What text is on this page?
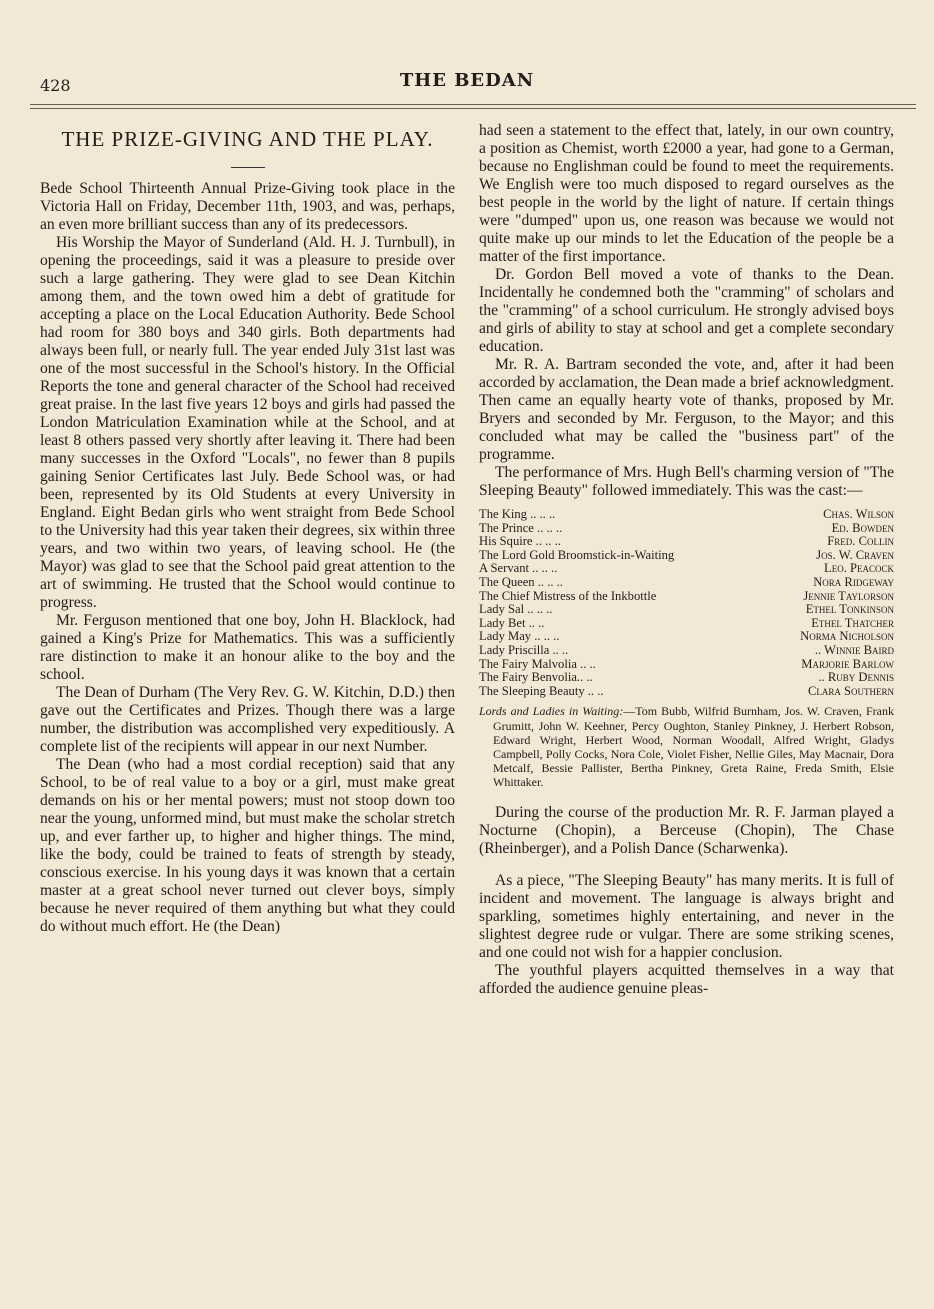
428	THE BEDAN
THE PRIZE-GIVING AND THE PLAY.

Bede School Thirteenth Annual Prize-Giving took place in the Victoria Hall on Friday, December 11th, 1903, and was, perhaps, an even more brilliant success than any of its predecessors.

His Worship the Mayor of Sunderland (Ald. H. J. Turnbull), in opening the proceedings, said it was a pleasure to preside over such a large gathering. They were glad to see Dean Kitchin among them, and the town owed him a debt of gratitude for accepting a place on the Local Education Authority. Bede School had room for 380 boys and 340 girls. Both departments had always been full, or nearly full. The year ended July 31st last was one of the most successful in the School's history. In the Official Reports the tone and general character of the School had received great praise. In the last five years 12 boys and girls had passed the London Matriculation Examination while at the School, and at least 8 others passed very shortly after leaving it. There had been many successes in the Oxford "Locals", no fewer than 8 pupils gaining Senior Certificates last July. Bede School was, or had been, represented by its Old Students at every University in England. Eight Bedan girls who went straight from Bede School to the University had this year taken their degrees, six within three years, and two within two years, of leaving school. He (the Mayor) was glad to see that the School paid great attention to the art of swimming. He trusted that the School would continue to progress.

Mr. Ferguson mentioned that one boy, John H. Blacklock, had gained a King's Prize for Mathematics. This was a sufficiently rare distinction to make it an honour alike to the boy and the school.

The Dean of Durham (The Very Rev. G. W. Kitchin, D.D.) then gave out the Certificates and Prizes. Though there was a large number, the distribution was accomplished very expeditiously. A complete list of the recipients will appear in our next Number.

The Dean (who had a most cordial reception) said that any School, to be of real value to a boy or a girl, must make great demands on his or her mental powers; must not stoop down too near the young, unformed mind, but must make the scholar stretch up, and ever farther up, to higher and higher things. The mind, like the body, could be trained to feats of strength by steady, conscious exercise. In his young days it was known that a certain master at a great school never turned out clever boys, simply because he never required of them anything but what they could do without much effort. He (the Dean)

had seen a statement to the effect that, lately, in our own country, a position as Chemist, worth £2000 a year, had gone to a German, because no Englishman could be found to meet the requirements. We English were too much disposed to regard ourselves as the best people in the world by the light of nature. If certain things were "dumped" upon us, one reason was because we would not quite make up our minds to let the Education of the people be a matter of the first importance.

Dr. Gordon Bell moved a vote of thanks to the Dean. Incidentally he condemned both the "cramming" of scholars and the "cramming" of a school curriculum. He strongly advised boys and girls of ability to stay at school and get a complete secondary education.

Mr. R. A. Bartram seconded the vote, and, after it had been accorded by acclamation, the Dean made a brief acknowledgment. Then came an equally hearty vote of thanks, proposed by Mr. Bryers and seconded by Mr. Ferguson, to the Mayor; and this concluded what may be called the "business part" of the programme.

The performance of Mrs. Hugh Bell's charming version of "The Sleeping Beauty" followed immediately. This was the cast:—

The King .. .. ..	Chas. Wilson
The Prince .. .. ..	Ed. Bowden
His Squire .. .. ..	Fred. Collin
The Lord Gold Broomstick-in-Waiting	Jos. W. Craven
A Servant .. .. ..	Leo. Peacock
The Queen .. .. ..	Nora Ridgeway
The Chief Mistress of the Inkbottle	Jennie Taylorson
Lady Sal .. .. ..	Ethel Tonkinson
Lady Bet .. ..	Ethel Thatcher
Lady May .. .. ..	Norma Nicholson
Lady Priscilla .. ..	.. Winnie Baird
The Fairy Malvolia .. ..	Marjorie Barlow
The Fairy Benvolia.. ..	.. Ruby Dennis
The Sleeping Beauty .. ..	Clara Southern

Lords and Ladies in Waiting:—Tom Bubb, Wilfrid Burnham, Jos. W. Craven, Frank Grumitt, John W. Keehner, Percy Oughton, Stanley Pinkney, J. Herbert Robson, Edward Wright, Herbert Wood, Norman Woodall, Alfred Wright, Gladys Campbell, Polly Cocks, Nora Cole, Violet Fisher, Nellie Giles, May Macnair, Dora Metcalf, Bessie Pallister, Bertha Pinkney, Greta Raine, Freda Smith, Elsie Whittaker.

During the course of the production Mr. R. F. Jarman played a Nocturne (Chopin), a Berceuse (Chopin), The Chase (Rheinberger), and a Polish Dance (Scharwenka).

As a piece, "The Sleeping Beauty" has many merits. It is full of incident and movement. The language is always bright and sparkling, sometimes highly entertaining, and never in the slightest degree rude or vulgar. There are some striking scenes, and one could not wish for a happier conclusion.

The youthful players acquitted themselves in a way that afforded the audience genuine pleas-
